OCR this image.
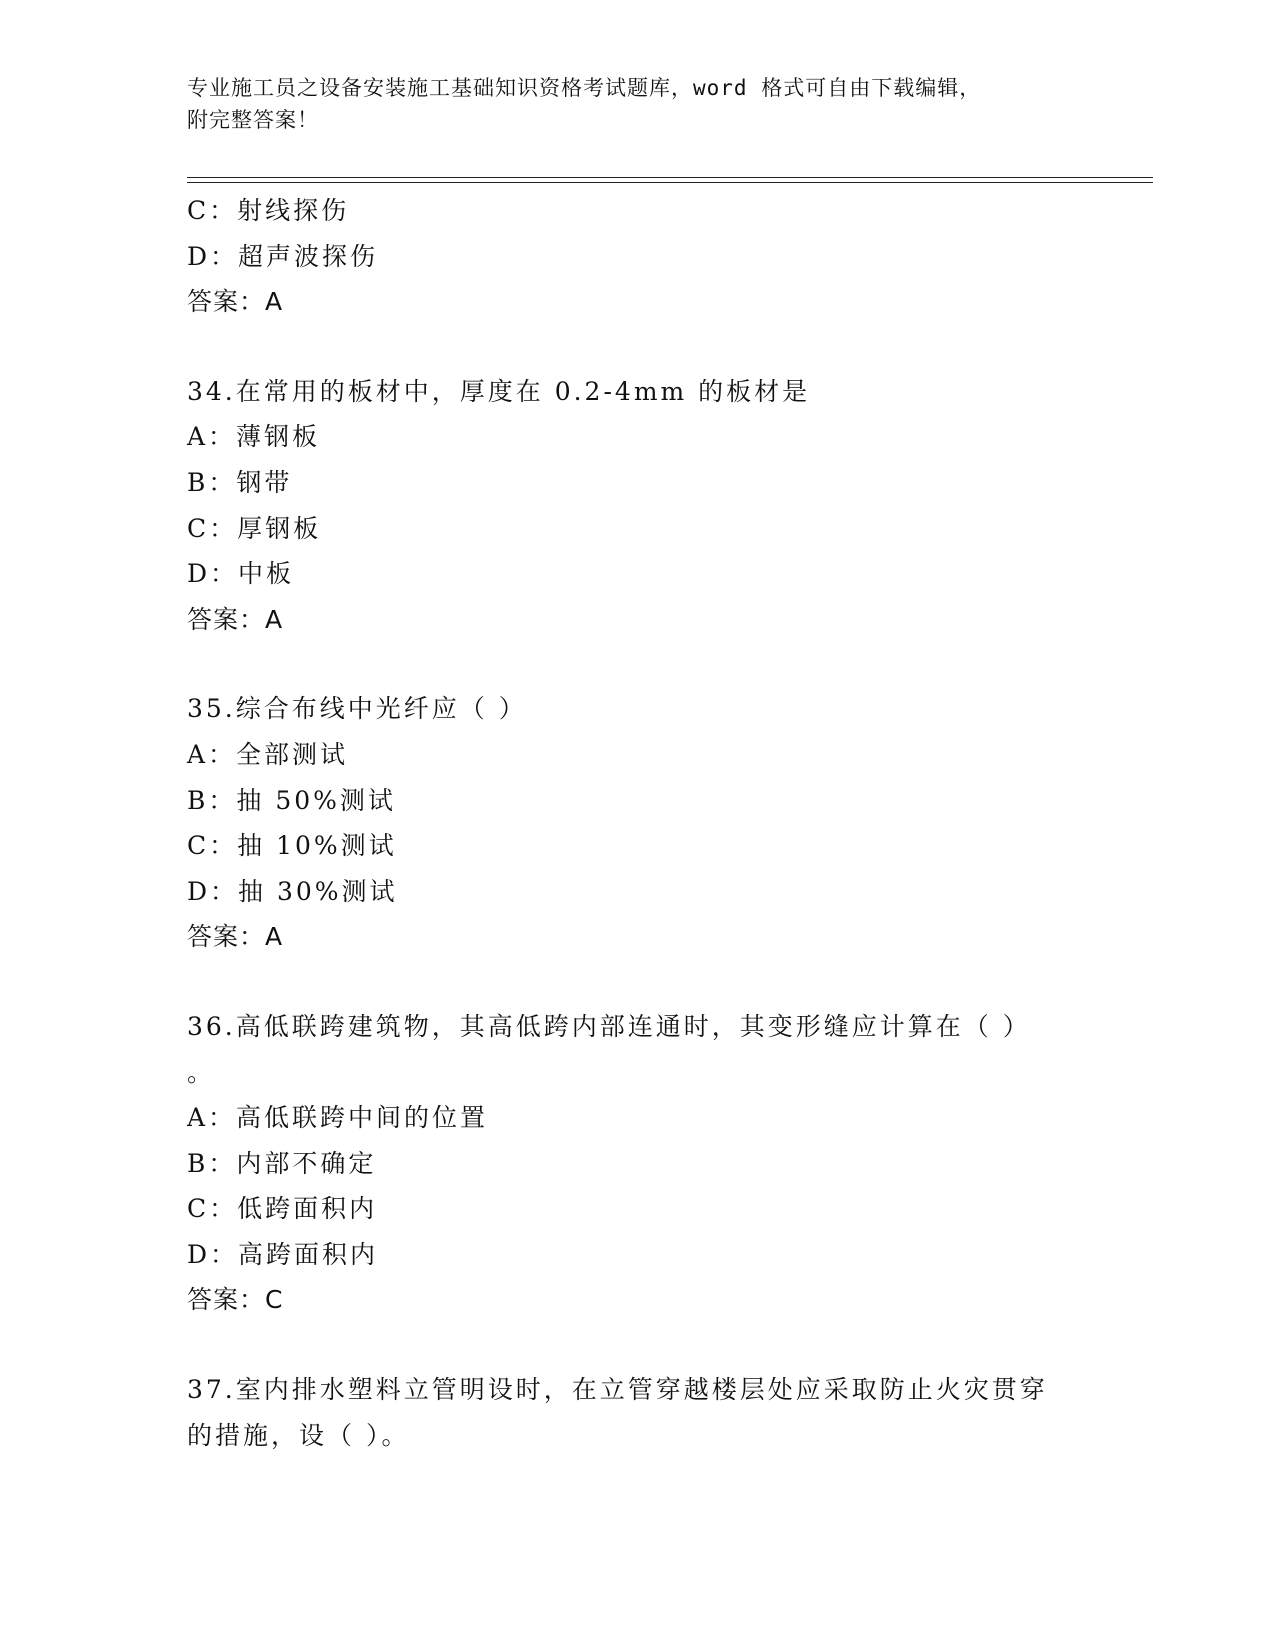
专业施工员之设备安装施工基础知识资格考试题库，word 格式可自由下载编辑，
附完整答案！
C：射线探伤
D：超声波探伤
答案：A
34.在常用的板材中，厚度在 0.2-4mm 的板材是
A：薄钢板
B：钢带
C：厚钢板
D：中板
答案：A
35.综合布线中光纤应（ ）
A：全部测试
B：抽 50%测试
C：抽 10%测试
D：抽 30%测试
答案：A
36.高低联跨建筑物，其高低跨内部连通时，其变形缝应计算在（ ）
。
A：高低联跨中间的位置
B：内部不确定
C：低跨面积内
D：高跨面积内
答案：C
37.室内排水塑料立管明设时，在立管穿越楼层处应采取防止火灾贯穿
的措施，设（ ）。
